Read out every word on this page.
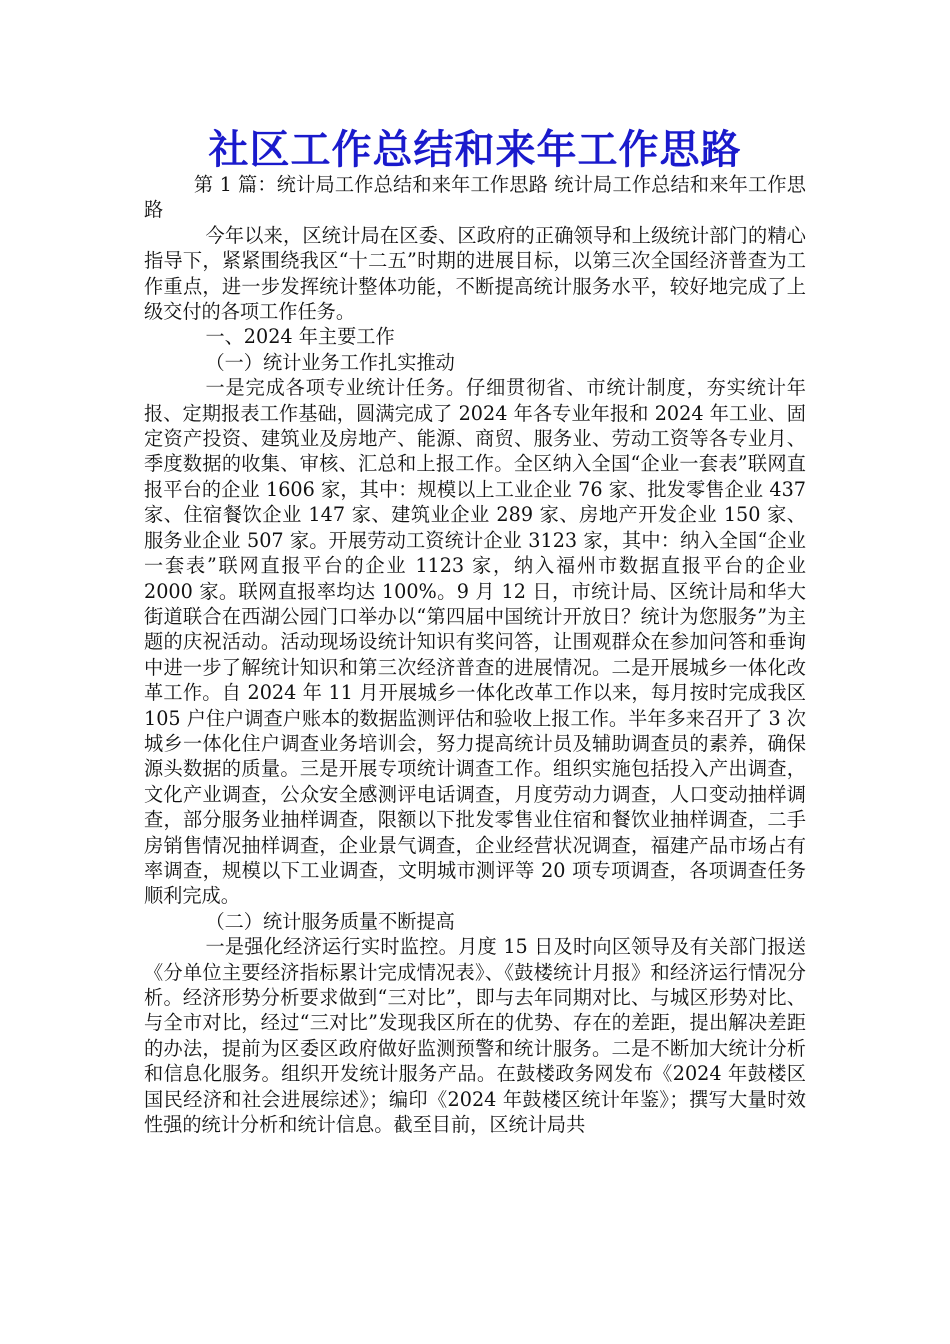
社区工作总结和来年工作思路

第 1 篇：统计局工作总结和来年工作思路 统计局工作总结和来年工作思路

今年以来，区统计局在区委、区政府的正确领导和上级统计部门的精心指导下，紧紧围绕我区“十二五”时期的进展目标，以第三次全国经济普查为工作重点，进一步发挥统计整体功能，不断提高统计服务水平，较好地完成了上级交付的各项工作任务。

一、2024 年主要工作

（一）统计业务工作扎实推动

一是完成各项专业统计任务。仔细贯彻省、市统计制度，夯实统计年报、定期报表工作基础，圆满完成了 2024 年各专业年报和 2024 年工业、固定资产投资、建筑业及房地产、能源、商贸、服务业、劳动工资等各专业月、季度数据的收集、审核、汇总和上报工作。全区纳入全国“企业一套表”联网直报平台的企业 1606 家，其中：规模以上工业企业 76 家、批发零售企业 437 家、住宿餐饮企业 147 家、建筑业企业 289 家、房地产开发企业 150 家、服务业企业 507 家。开展劳动工资统计企业 3123 家，其中：纳入全国“企业一套表”联网直报平台的企业 1123 家，纳入福州市数据直报平台的企业 2000 家。联网直报率均达 100%。9 月 12 日，市统计局、区统计局和华大街道联合在西湖公园门口举办以“第四届中国统计开放日？统计为您服务”为主题的庆祝活动。活动现场设统计知识有奖问答，让围观群众在参加问答和垂询中进一步了解统计知识和第三次经济普查的进展情况。二是开展城乡一体化改革工作。自 2024 年 11 月开展城乡一体化改革工作以来，每月按时完成我区 105 户住户调查户账本的数据监测评估和验收上报工作。半年多来召开了 3 次城乡一体化住户调查业务培训会，努力提高统计员及辅助调查员的素养，确保源头数据的质量。三是开展专项统计调查工作。组织实施包括投入产出调查，文化产业调查，公众安全感测评电话调查，月度劳动力调查，人口变动抽样调查，部分服务业抽样调查，限额以下批发零售业住宿和餐饮业抽样调查，二手房销售情况抽样调查，企业景气调查，企业经营状况调查，福建产品市场占有率调查，规模以下工业调查，文明城市测评等 20 项专项调查，各项调查任务顺利完成。

（二）统计服务质量不断提高

一是强化经济运行实时监控。月度 15 日及时向区领导及有关部门报送《分单位主要经济指标累计完成情况表》、《鼓楼统计月报》和经济运行情况分析。经济形势分析要求做到“三对比”，即与去年同期对比、与城区形势对比、与全市对比，经过“三对比”发现我区所在的优势、存在的差距，提出解决差距的办法，提前为区委区政府做好监测预警和统计服务。二是不断加大统计分析和信息化服务。组织开发统计服务产品。在鼓楼政务网发布《2024 年鼓楼区国民经济和社会进展综述》；编印《2024 年鼓楼区统计年鉴》；撰写大量时效性强的统计分析和统计信息。截至目前，区统计局共
